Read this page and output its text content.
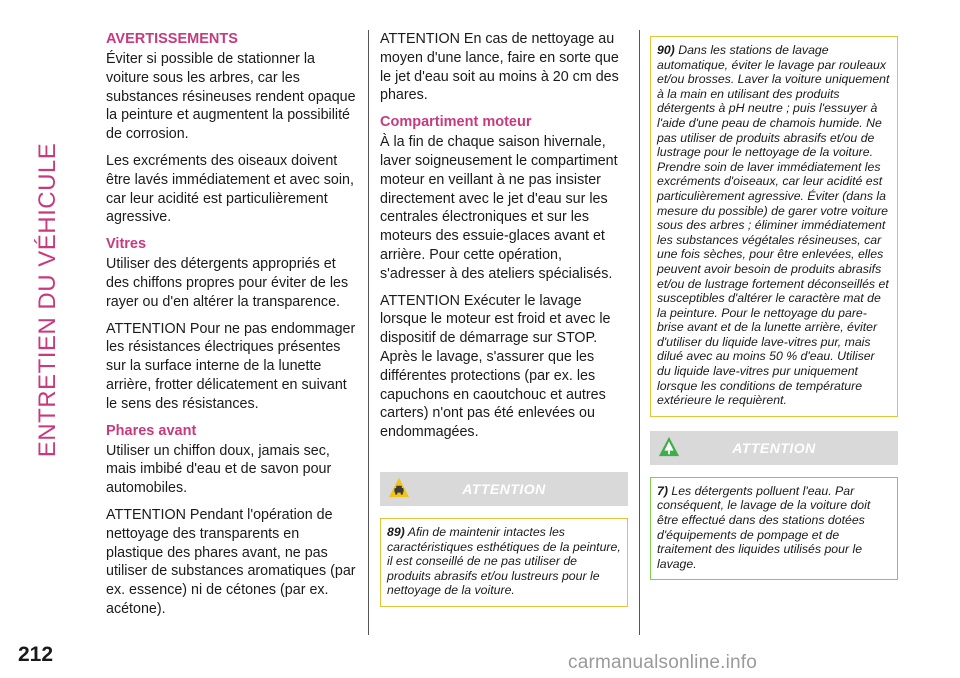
ENTRETIEN DU VÉHICULE
212
AVERTISSEMENTS

Éviter si possible de stationner la voiture sous les arbres, car les substances résineuses rendent opaque la peinture et augmentent la possibilité de corrosion.

Les excréments des oiseaux doivent être lavés immédiatement et avec soin, car leur acidité est particulièrement agressive.

Vitres

Utiliser des détergents appropriés et des chiffons propres pour éviter de les rayer ou d'en altérer la transparence.

ATTENTION Pour ne pas endommager les résistances électriques présentes sur la surface interne de la lunette arrière, frotter délicatement en suivant le sens des résistances.

Phares avant

Utiliser un chiffon doux, jamais sec, mais imbibé d'eau et de savon pour automobiles.

ATTENTION Pendant l'opération de nettoyage des transparents en plastique des phares avant, ne pas utiliser de substances aromatiques (par ex. essence) ni de cétones (par ex. acétone).

ATTENTION En cas de nettoyage au moyen d'une lance, faire en sorte que le jet d'eau soit au moins à 20 cm des phares.

Compartiment moteur

À la fin de chaque saison hivernale, laver soigneusement le compartiment moteur en veillant à ne pas insister directement avec le jet d'eau sur les centrales électroniques et sur les moteurs des essuie-glaces avant et arrière. Pour cette opération, s'adresser à des ateliers spécialisés.

ATTENTION Exécuter le lavage lorsque le moteur est froid et avec le dispositif de démarrage sur STOP. Après le lavage, s'assurer que les différentes protections (par ex. les capuchons en caoutchouc et autres carters) n'ont pas été enlevées ou endommagées.

ATTENTION
89) Afin de maintenir intactes les caractéristiques esthétiques de la peinture, il est conseillé de ne pas utiliser de produits abrasifs et/ou lustreurs pour le nettoyage de la voiture.
90) Dans les stations de lavage automatique, éviter le lavage par rouleaux et/ou brosses. Laver la voiture uniquement à la main en utilisant des produits détergents à pH neutre ; puis l'essuyer à l'aide d'une peau de chamois humide. Ne pas utiliser de produits abrasifs et/ou de lustrage pour le nettoyage de la voiture. Prendre soin de laver immédiatement les excréments d'oiseaux, car leur acidité est particulièrement agressive. Éviter (dans la mesure du possible) de garer votre voiture sous des arbres ; éliminer immédiatement les substances végétales résineuses, car une fois sèches, pour être enlevées, elles peuvent avoir besoin de produits abrasifs et/ou de lustrage fortement déconseillés et susceptibles d'altérer le caractère mat de la peinture. Pour le nettoyage du pare-brise avant et de la lunette arrière, éviter d'utiliser du liquide lave-vitres pur, mais dilué avec au moins 50 % d'eau. Utiliser du liquide lave-vitres pur uniquement lorsque les conditions de température extérieure le requièrent.
ATTENTION
7) Les détergents polluent l'eau. Par conséquent, le lavage de la voiture doit être effectué dans des stations dotées d'équipements de pompage et de traitement des liquides utilisés pour le lavage.
carmanualsonline.info
